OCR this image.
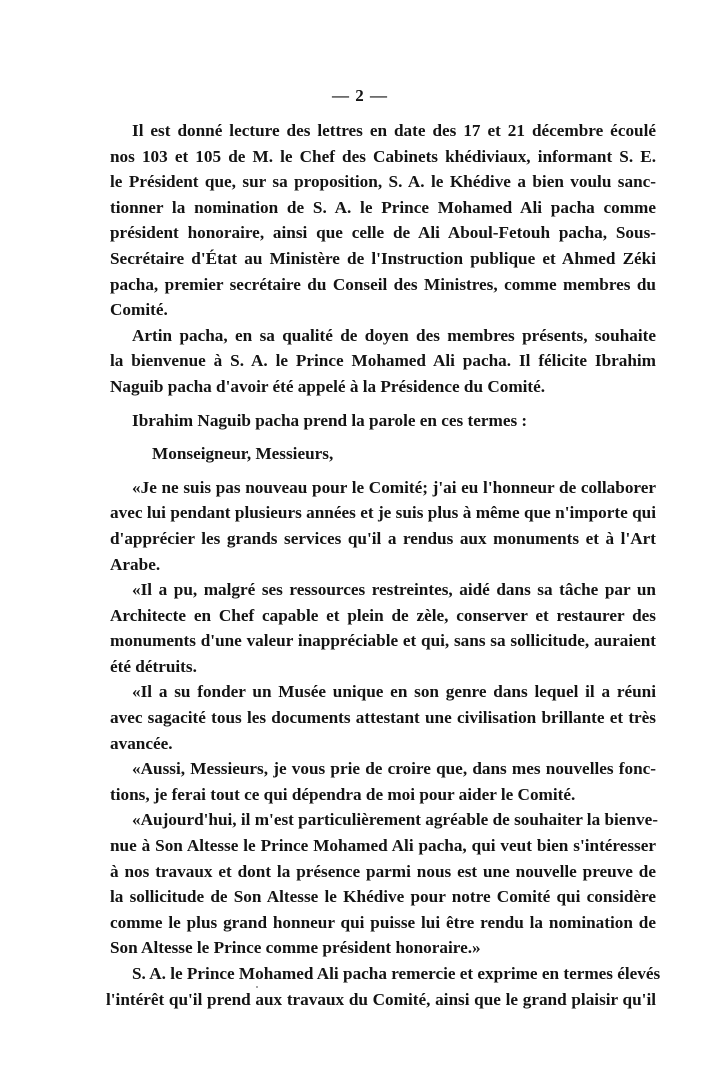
— 2 —
Il est donné lecture des lettres en date des 17 et 21 décembre écoulé
nos 103 et 105 de M. le Chef des Cabinets khédiviaux, informant S. E.
le Président que, sur sa proposition, S. A. le Khédive a bien voulu sanc-
tionner la nomination de S. A. le Prince Mohamed Ali pacha comme
président honoraire, ainsi que celle de Ali Aboul-Fetouh pacha, Sous-
Secrétaire d'État au Ministère de l'Instruction publique et Ahmed Zéki
pacha, premier secrétaire du Conseil des Ministres, comme membres du
Comité.
Artin pacha, en sa qualité de doyen des membres présents, souhaite
la bienvenue à S. A. le Prince Mohamed Ali pacha. Il félicite Ibrahim
Naguib pacha d'avoir été appelé à la Présidence du Comité.
Ibrahim Naguib pacha prend la parole en ces termes :
Monseigneur, Messieurs,
«Je ne suis pas nouveau pour le Comité; j'ai eu l'honneur de collaborer
avec lui pendant plusieurs années et je suis plus à même que n'importe qui
d'apprécier les grands services qu'il a rendus aux monuments et à l'Art
Arabe.
«Il a pu, malgré ses ressources restreintes, aidé dans sa tâche par un
Architecte en Chef capable et plein de zèle, conserver et restaurer des
monuments d'une valeur inappréciable et qui, sans sa sollicitude, auraient
été détruits.
«Il a su fonder un Musée unique en son genre dans lequel il a réuni
avec sagacité tous les documents attestant une civilisation brillante et très
avancée.
«Aussi, Messieurs, je vous prie de croire que, dans mes nouvelles fonc-
tions, je ferai tout ce qui dépendra de moi pour aider le Comité.
«Aujourd'hui, il m'est particulièrement agréable de souhaiter la bienve-
nue à Son Altesse le Prince Mohamed Ali pacha, qui veut bien s'intéresser
à nos travaux et dont la présence parmi nous est une nouvelle preuve de
la sollicitude de Son Altesse le Khédive pour notre Comité qui considère
comme le plus grand honneur qui puisse lui être rendu la nomination de
Son Altesse le Prince comme président honoraire.»
S. A. le Prince Mohamed Ali pacha remercie et exprime en termes élevés
l'intérêt qu'il prend aux travaux du Comité, ainsi que le grand plaisir qu'il
